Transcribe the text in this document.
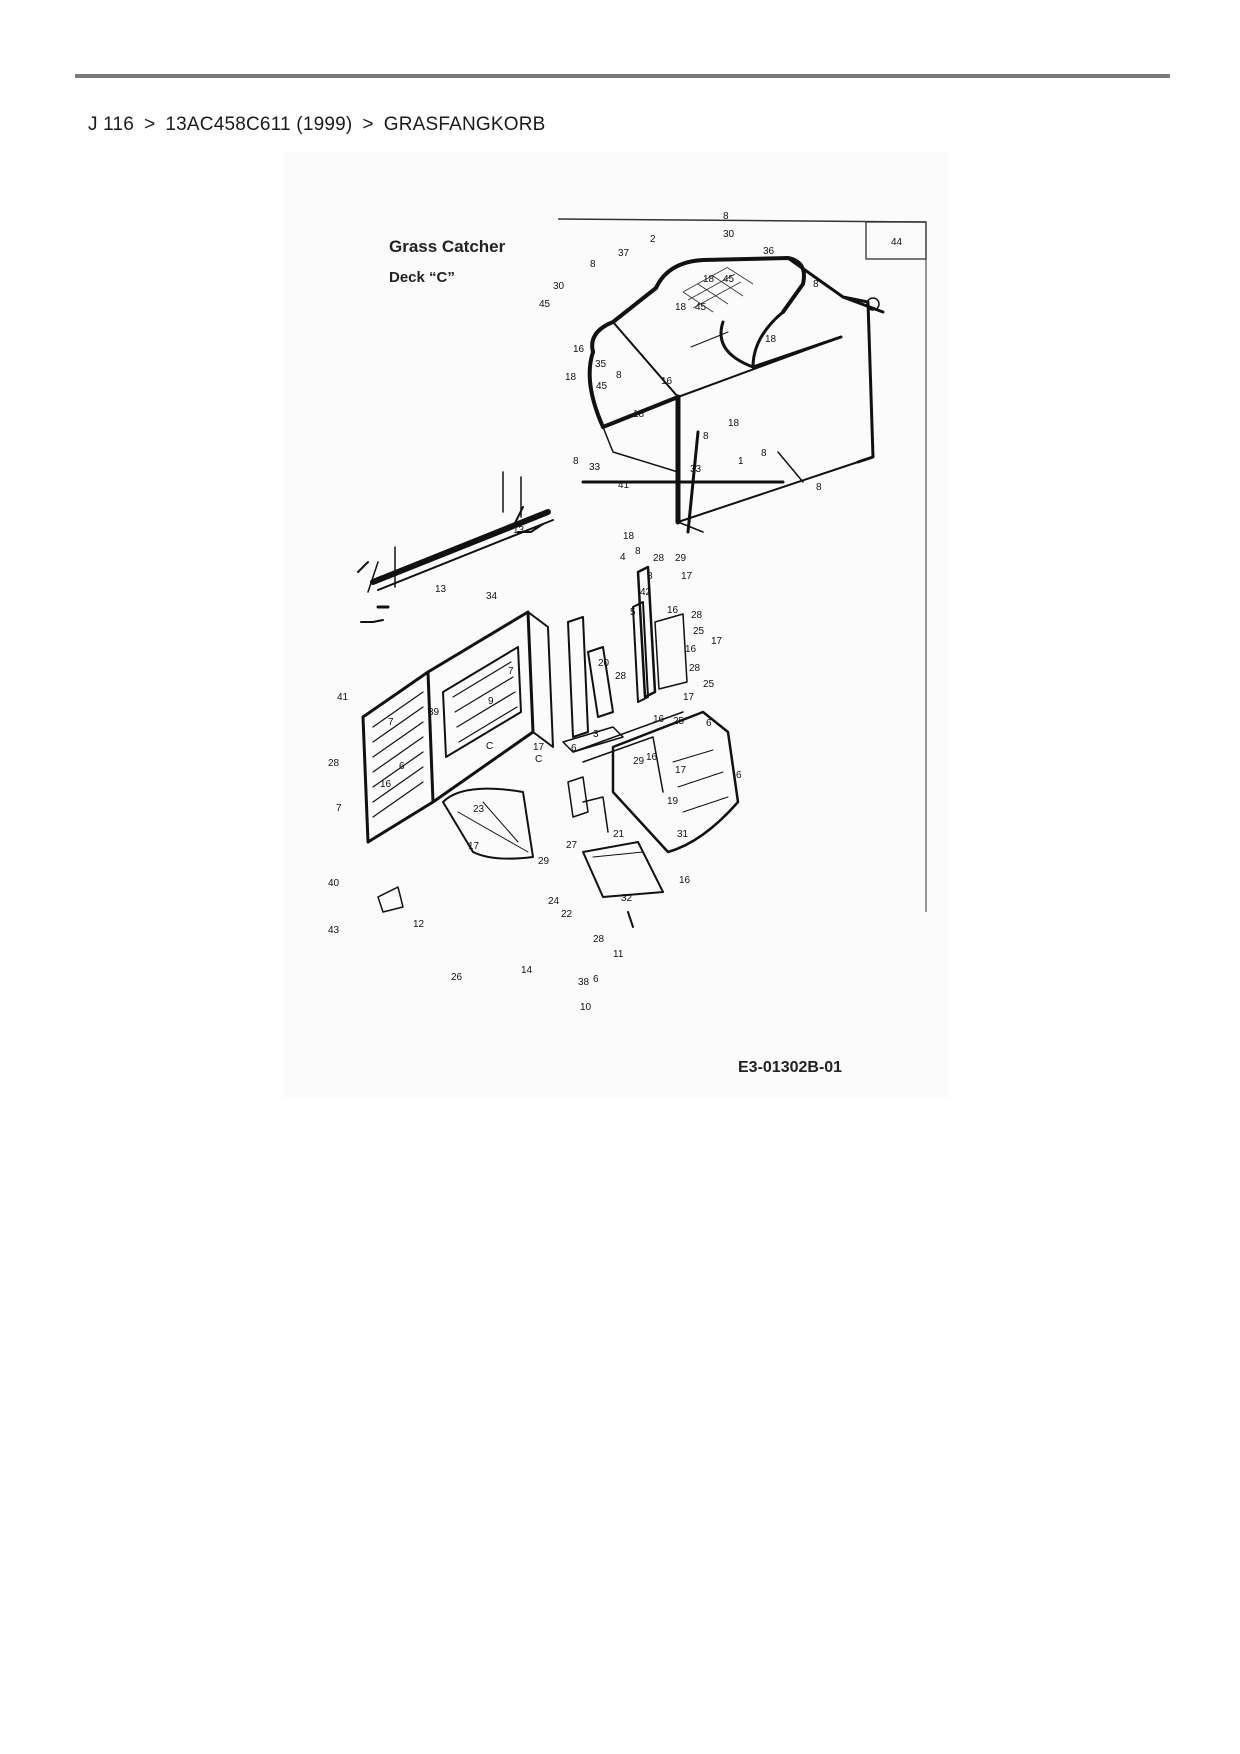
J 116 > 13AC458C611 (1999) > GRASFANGKORB
44
Grass Catcher
Deck “C”
8
30
2
37	36
8
30
45
8
18 45
18 45
18
16
35
8
18
45	16
18
8
18
33
8
8
33
18
8
8
13
41
13
34
41
20
7
9
28
39
7
28	6
16
7
40
23
17
29
12
43
26
14
11
22
24
27
21
32
28
6
29 16
42
5
17
4	28 29
17
16 28
25
17
16
28
25
17
16 25
3
17
C
C	6
6
6
19
31
16
38
10
1
8
E3-01302B-01
